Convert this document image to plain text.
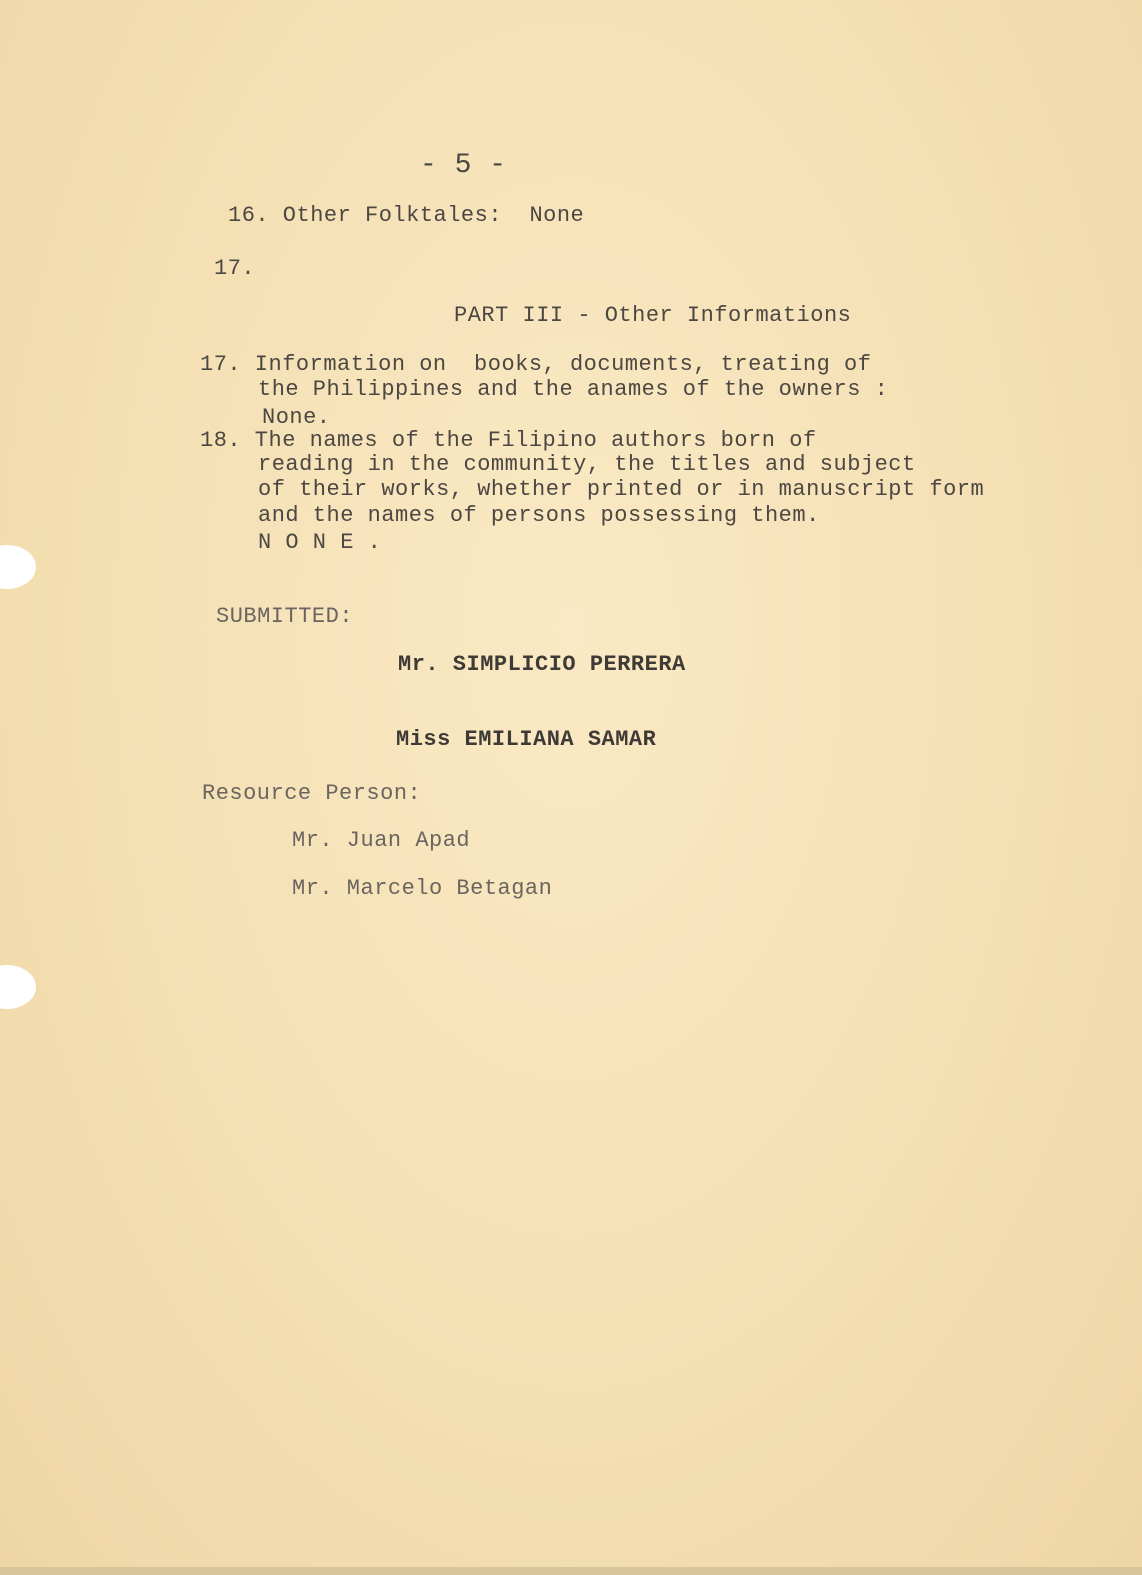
- 5 -
16. Other Folktales:  None
17.
PART III - Other Informations
17. Information on  books, documents, treating of
the Philippines and the anames of the owners :
None.
18. The names of the Filipino authors born of
reading in the community, the titles and subject
of their works, whether printed or in manuscript form
and the names of persons possessing them.
N O N E .
SUBMITTED:
Mr. SIMPLICIO PERRERA
Miss EMILIANA SAMAR
Resource Person:
Mr. Juan Apad
Mr. Marcelo Betagan
